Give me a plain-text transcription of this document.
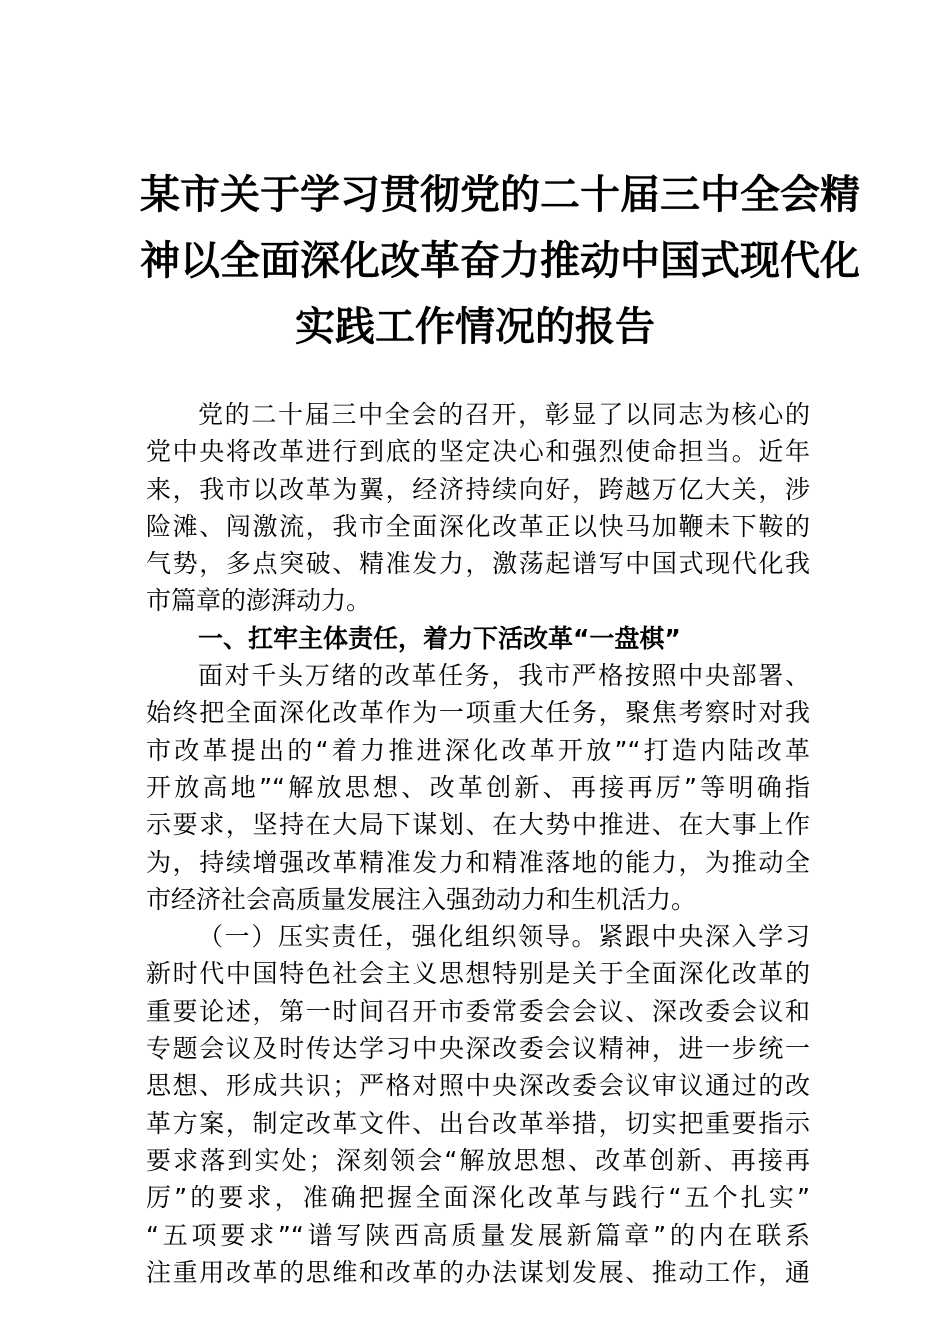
某市关于学习贯彻党的二十届三中全会精
神以全面深化改革奋力推动中国式现代化
实践工作情况的报告
党的二十届三中全会的召开，彰显了以同志为核心的
党中央将改革进行到底的坚定决心和强烈使命担当。近年
来，我市以改革为翼，经济持续向好，跨越万亿大关，涉
险滩、闯激流，我市全面深化改革正以快马加鞭未下鞍的
气势，多点突破、精准发力，激荡起谱写中国式现代化我
市篇章的澎湃动力。
一、扛牢主体责任，着力下活改革“一盘棋”
面对千头万绪的改革任务，我市严格按照中央部署、
始终把全面深化改革作为一项重大任务，聚焦考察时对我
市改革提出的“着力推进深化改革开放”“打造内陆改革
开放高地”“解放思想、改革创新、再接再厉”等明确指
示要求，坚持在大局下谋划、在大势中推进、在大事上作
为，持续增强改革精准发力和精准落地的能力，为推动全
市经济社会高质量发展注入强劲动力和生机活力。
（一）压实责任，强化组织领导。紧跟中央深入学习
新时代中国特色社会主义思想特别是关于全面深化改革的
重要论述，第一时间召开市委常委会会议、深改委会议和
专题会议及时传达学习中央深改委会议精神，进一步统一
思想、形成共识；严格对照中央深改委会议审议通过的改
革方案，制定改革文件、出台改革举措，切实把重要指示
要求落到实处；深刻领会“解放思想、改革创新、再接再
厉”的要求，准确把握全面深化改革与践行“五个扎实”
“五项要求”“谱写陕西高质量发展新篇章”的内在联系
注重用改革的思维和改革的办法谋划发展、推动工作，通
